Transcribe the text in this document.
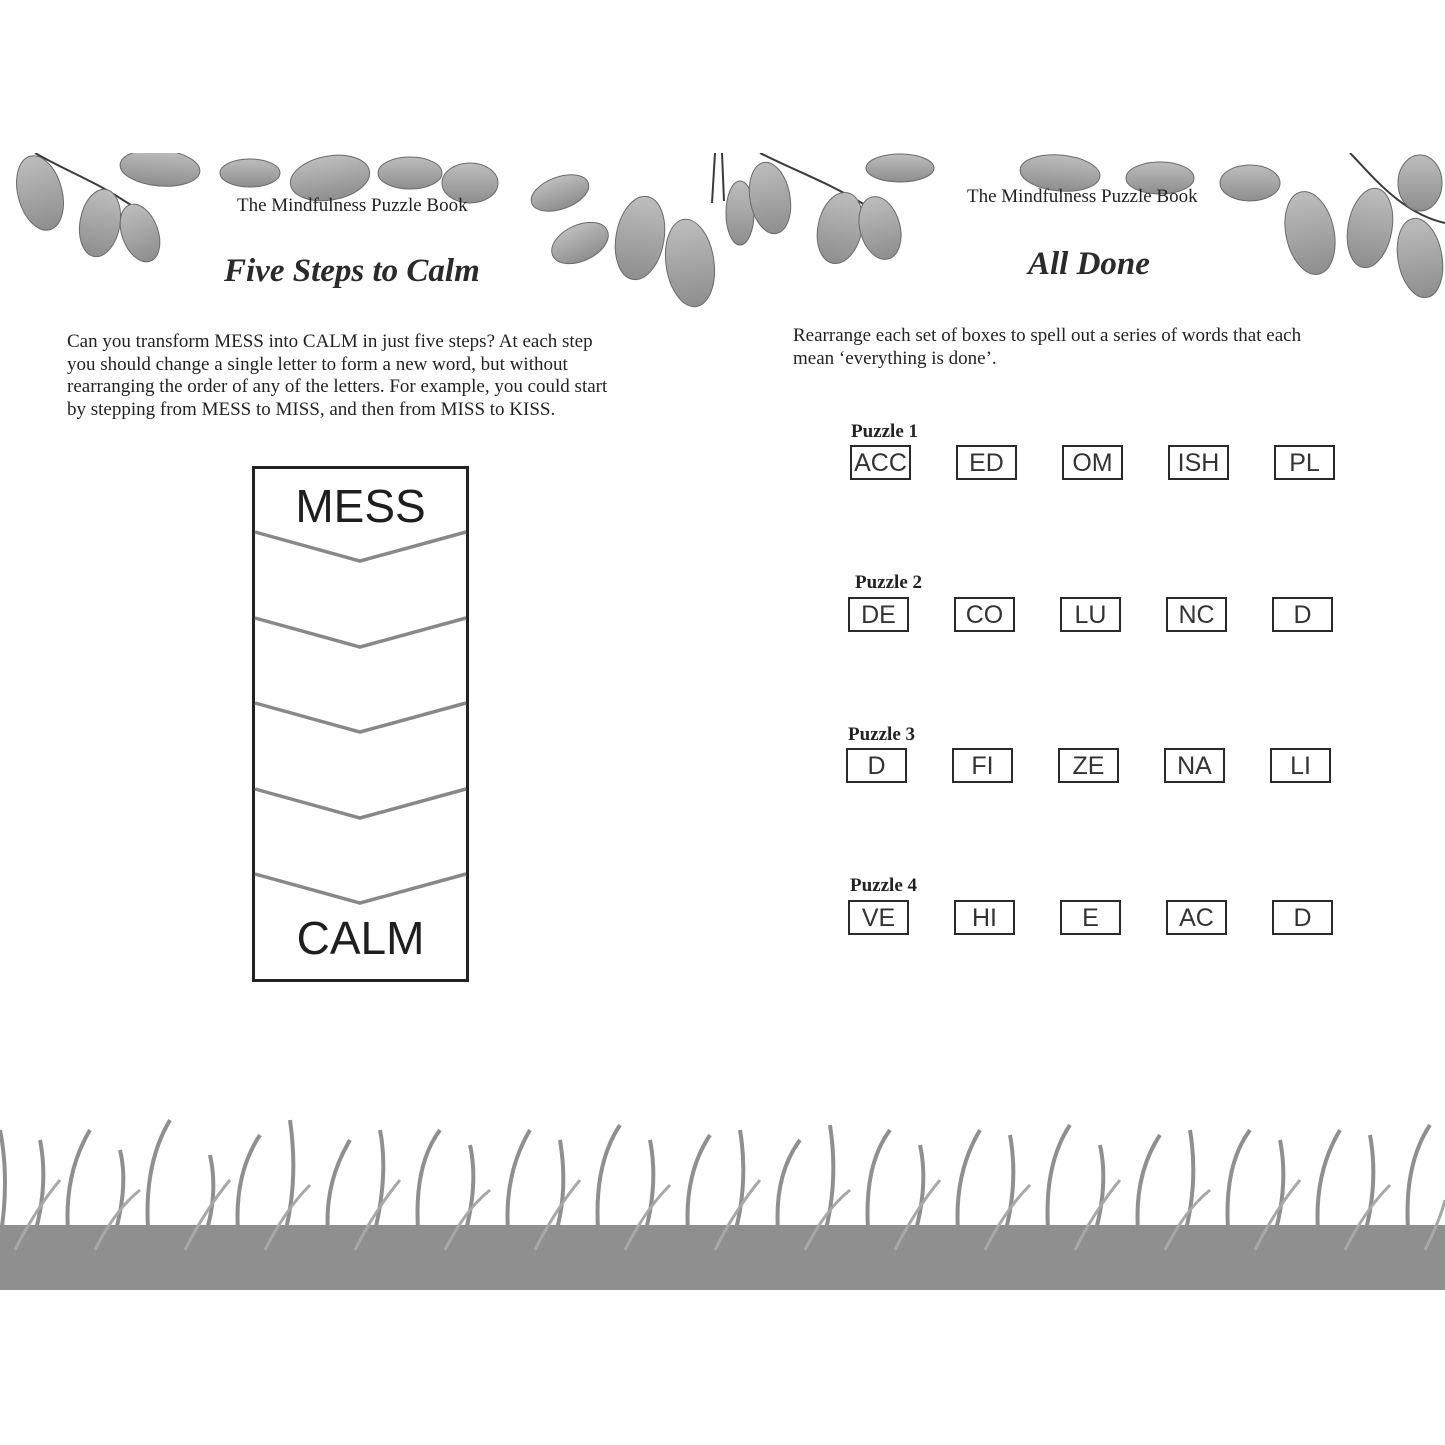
The Mindfulness Puzzle Book
Five Steps to Calm
Can you transform MESS into CALM in just five steps? At each step
you should change a single letter to form a new word, but without
rearranging the order of any of the letters. For example, you could start
by stepping from MESS to MISS, and then from MISS to KISS.
MESS
CALM
The Mindfulness Puzzle Book
All Done
Rearrange each set of boxes to spell out a series of words that each
mean ‘everything is done’.
Puzzle 1
ACC	ED	OM	ISH	PL
Puzzle 2
DE	CO	LU	NC	D
Puzzle 3
D	FI	ZE	NA	LI
Puzzle 4
VE	HI	E	AC	D
